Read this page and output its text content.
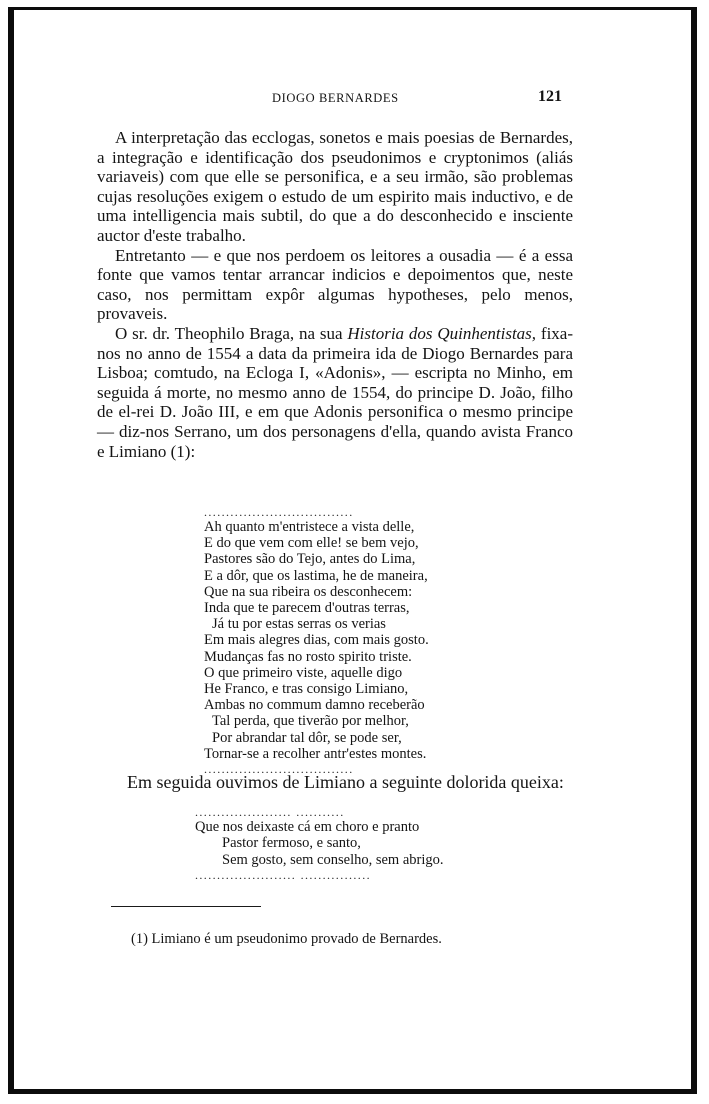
DIOGO BERNARDES	121

A interpretação das ecclogas, sonetos e mais poesias de Bernardes, a integração e identificação dos pseudonimos e cryptonimos (aliás variaveis) com que elle se personifica, e a seu irmão, são problemas cujas resoluções exigem o estudo de um espirito mais inductivo, e de uma intelligencia mais subtil, do que a do desconhecido e insciente auctor d'este trabalho.

Entretanto — e que nos perdoem os leitores a ousadia — é a essa fonte que vamos tentar arrancar indicios e depoimentos que, neste caso, nos permittam expôr algumas hypotheses, pelo menos, provaveis.

O sr. dr. Theophilo Braga, na sua Historia dos Quinhentistas, fixa-nos no anno de 1554 a data da primeira ida de Diogo Bernardes para Lisboa; comtudo, na Ecloga I, «Adonis», — escripta no Minho, em seguida á morte, no mesmo anno de 1554, do principe D. João, filho de el-rei D. João III, e em que Adonis personifica o mesmo principe — diz-nos Serrano, um dos personagens d'ella, quando avista Franco e Limiano (1):

..................................
Ah quanto m'entristece a vista delle,
E do que vem com elle! se bem vejo,
Pastores são do Tejo, antes do Lima,
E a dôr, que os lastima, he de maneira,
Que na sua ribeira os desconhecem:
Inda que te parecem d'outras terras,
Já tu por estas serras os verias
Em mais alegres dias, com mais gosto.
Mudanças fas no rosto spirito triste.
O que primeiro viste, aquelle digo
He Franco, e tras consigo Limiano,
Ambas no commum damno receberão
Tal perda, que tiverão por melhor,
Por abrandar tal dôr, se pode ser,
Tornar-se a recolher antr'estes montes.
..................................
Em seguida ouvimos de Limiano a seguinte dolorida queixa:
...................... ...........
Que nos deixaste cá em choro e pranto
Pastor fermoso, e santo,
Sem gosto, sem conselho, sem abrigo.
....................... ................
(1) Limiano é um pseudonimo provado de Bernardes.
